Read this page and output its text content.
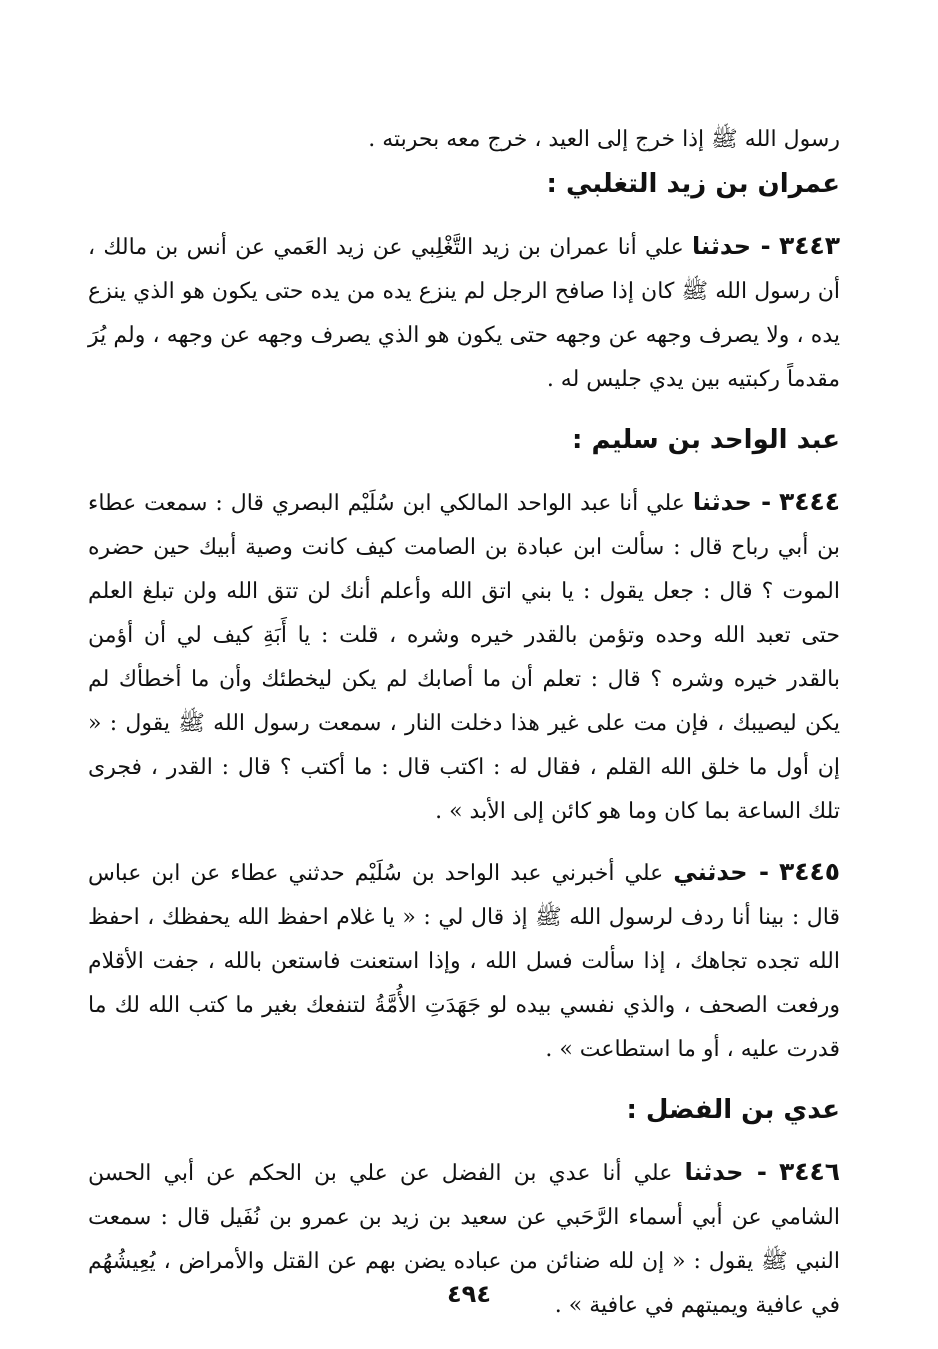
رسول الله ﷺ إذا خرج إلى العيد ، خرج معه بحربته .

عمران بن زيد التغلبي :

٣٤٤٣ - حدثنا علي أنا عمران بن زيد التَّغْلِبي عن زيد العَمي عن أنس بن مالك ، أن رسول الله ﷺ كان إذا صافح الرجل لم ينزع يده من يده حتى يكون هو الذي ينزع يده ، ولا يصرف وجهه عن وجهه حتى يكون هو الذي يصرف وجهه عن وجهه ، ولم يُرَ مقدماً ركبتيه بين يدي جليس له .

عبد الواحد بن سليم :

٣٤٤٤ - حدثنا علي أنا عبد الواحد المالكي ابن سُلَيْم البصري قال : سمعت عطاء بن أبي رباح قال : سألت ابن عبادة بن الصامت كيف كانت وصية أبيك حين حضره الموت ؟ قال : جعل يقول : يا بني اتق الله وأعلم أنك لن تتق الله ولن تبلغ العلم حتى تعبد الله وحده وتؤمن بالقدر خيره وشره ، قلت : يا أَبَةِ كيف لي أن أؤمن بالقدر خيره وشره ؟ قال : تعلم أن ما أصابك لم يكن ليخطئك وأن ما أخطأك لم يكن ليصيبك ، فإن مت على غير هذا دخلت النار ، سمعت رسول الله ﷺ يقول : « إن أول ما خلق الله القلم ، فقال له : اكتب قال : ما أكتب ؟ قال : القدر ، فجرى تلك الساعة بما كان وما هو كائن إلى الأبد » .

٣٤٤٥ - حدثني علي أخبرني عبد الواحد بن سُلَيْم حدثني عطاء عن ابن عباس قال : بينا أنا ردف لرسول الله ﷺ إذ قال لي : « يا غلام احفظ الله يحفظك ، احفظ الله تجده تجاهك ، إذا سألت فسل الله ، وإذا استعنت فاستعن بالله ، جفت الأقلام ورفعت الصحف ، والذي نفسي بيده لو جَهَدَتِ الأُمَّةُ لتنفعك بغير ما كتب الله لك ما قدرت عليه ، أو ما استطاعت » .

عدي بن الفضل :

٣٤٤٦ - حدثنا علي أنا عدي بن الفضل عن علي بن الحكم عن أبي الحسن الشامي عن أبي أسماء الرَّحَبي عن سعيد بن زيد بن عمرو بن نُفَيل قال : سمعت النبي ﷺ يقول : « إن لله ضنائن من عباده يضن بهم عن القتل والأمراض ، يُعِيشُهُم في عافية ويميتهم في عافية » .

٤٩٤
